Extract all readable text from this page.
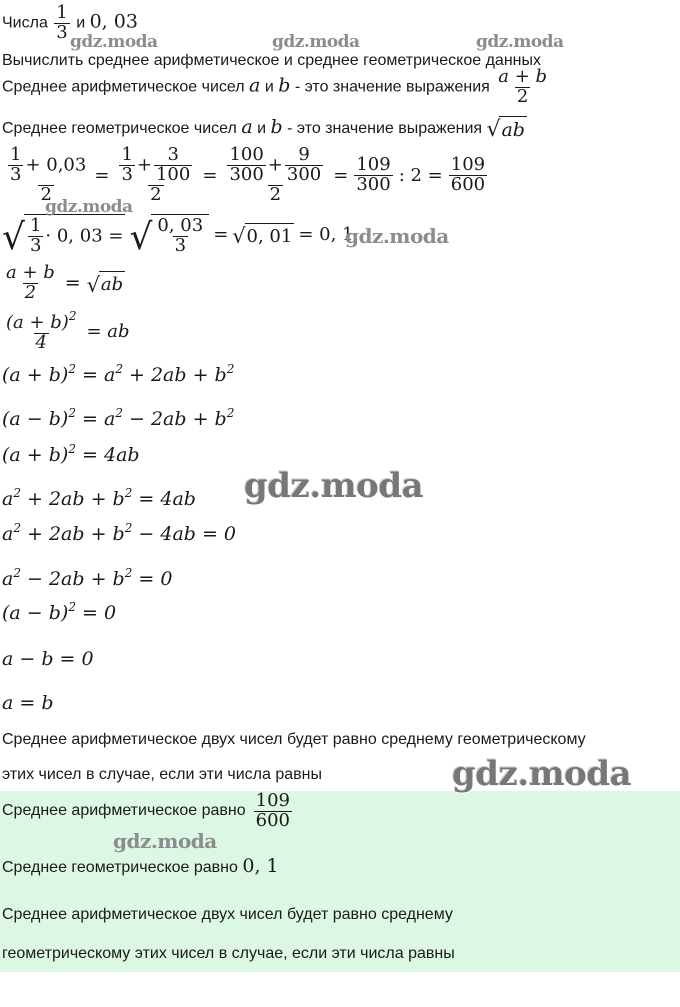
Числа $\frac{1}{3}$ и 0, 03
Вычислить среднее арифметическое и среднее геометрическое данных
Среднее арифметическое чисел a и b - это значение выражения $\frac{a + b}{2}$
Среднее геометрическое чисел a и b - это значение выражения √ ab
$\frac{\frac{1}{3} + 0,03}{2} = \frac{\frac{1}{3} + \frac{3}{100}}{2} = \frac{\frac{100}{300} + \frac{9}{300}}{2} = \frac{109}{300}$ : $2 = \frac{109}{600}$
√ $\frac{1}{3} \cdot 0$, 03 = √ $\frac{0, 03}{3}$ = √ 0, 01 = 0, 1
$\frac{a + b}{2}$ = √ ab
$\frac{(a + b)^2}{4}$ = ab
$(a + b)^2 = a^2 + 2ab + b^2$
$(a - b)^2 = a^2 - 2ab + b^2$
$(a + b)^2 = 4ab$
$a^2 + 2ab + b^2 = 4ab$
$a^2 + 2ab + b^2 - 4ab = 0$
$a^2 - 2ab + b^2 = 0$
$(a - b)^2 = 0$
a − b = 0
a = b
Среднее арифметическое двух чисел будет равно среднему геометрическому
этих чисел в случае, если эти числа равны
Среднее арифметическое равно $\frac{109}{600}$
Среднее геометрическое равно 0, 1
Среднее арифметическое двух чисел будет равно среднему
геометрическому этих чисел в случае, если эти числа равны
gdz.moda	gdz.moda	gdz.moda
gdz.moda
gdz.moda
gdz.moda
gdz.moda
gdz.moda
